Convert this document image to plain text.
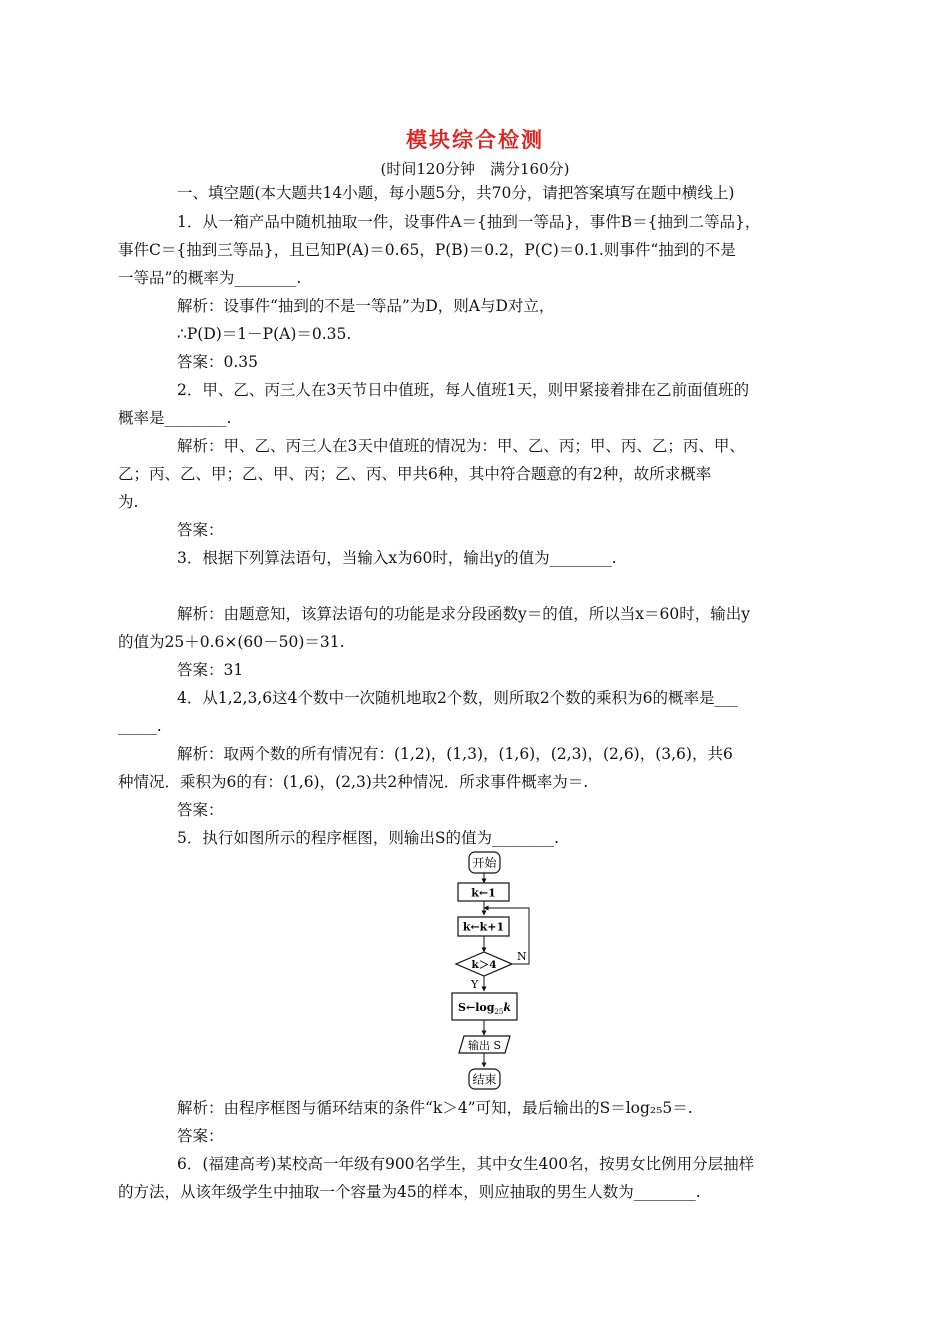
模块综合检测
(时间120分钟　满分160分)
一、填空题(本大题共14小题，每小题5分，共70分，请把答案填写在题中横线上)
1．从一箱产品中随机抽取一件，设事件A＝{抽到一等品}，事件B＝{抽到二等品}，
事件C＝{抽到三等品}，且已知P(A)＝0.65，P(B)＝0.2，P(C)＝0.1.则事件“抽到的不是
一等品”的概率为________.
解析：设事件“抽到的不是一等品”为D，则A与D对立，
∴P(D)＝1－P(A)＝0.35.
答案：0.35
2．甲、乙、丙三人在3天节日中值班，每人值班1天，则甲紧接着排在乙前面值班的
概率是________.
解析：甲、乙、丙三人在3天中值班的情况为：甲、乙、丙；甲、丙、乙；丙、甲、
乙；丙、乙、甲；乙、甲、丙；乙、丙、甲共6种，其中符合题意的有2种，故所求概率
为.
答案：
3．根据下列算法语句，当输入x为60时，输出y的值为________.
解析：由题意知，该算法语句的功能是求分段函数y＝的值，所以当x＝60时，输出y
的值为25＋0.6×(60－50)＝31.
答案：31
4．从1,2,3,6这4个数中一次随机地取2个数，则所取2个数的乘积为6的概率是___
_____.
解析：取两个数的所有情况有：(1,2)，(1,3)，(1,6)，(2,3)，(2,6)，(3,6)，共6
种情况．乘积为6的有：(1,6)，(2,3)共2种情况．所求事件概率为＝.
答案：
5．执行如图所示的程序框图，则输出S的值为________.
开始
k←1
k←k+1
k＞4
N
Y
$S\leftarrow\log_{25}k$
输出 S
结束
解析：由程序框图与循环结束的条件“k＞4”可知，最后输出的S＝log₂₅5＝.
答案：
6．(福建高考)某校高一年级有900名学生，其中女生400名，按男女比例用分层抽样
的方法，从该年级学生中抽取一个容量为45的样本，则应抽取的男生人数为________.
